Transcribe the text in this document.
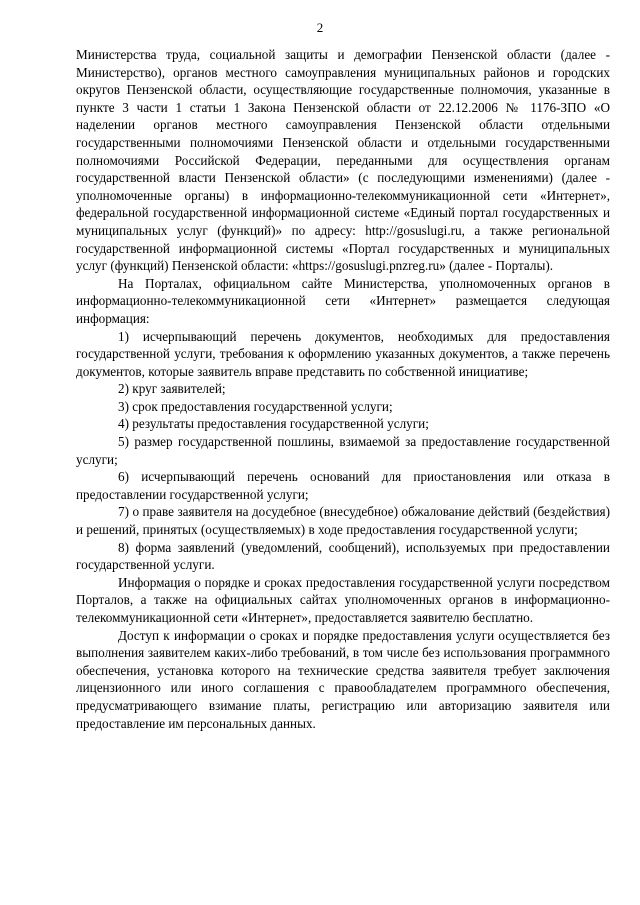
2

Министерства труда, социальной защиты и демографии Пензенской области (далее - Министерство), органов местного самоуправления муниципальных районов и городских округов Пензенской области, осуществляющие государственные полномочия, указанные в пункте 3 части 1 статьи 1 Закона Пензенской области от 22.12.2006 № 1176-ЗПО «О наделении органов местного самоуправления Пензенской области отдельными государственными полномочиями Пензенской области и отдельными государственными полномочиями Российской Федерации, переданными для осуществления органам государственной власти Пензенской области» (с последующими изменениями) (далее - уполномоченные органы) в информационно-телекоммуникационной сети «Интернет», федеральной государственной информационной системе «Единый портал государственных и муниципальных услуг (функций)» по адресу: http://gosuslugi.ru, а также региональной государственной информационной системы «Портал государственных и муниципальных услуг (функций) Пензенской области: «https://gosuslugi.pnzreg.ru» (далее - Порталы).

На Порталах, официальном сайте Министерства, уполномоченных органов в информационно-телекоммуникационной сети «Интернет» размещается следующая информация:

1) исчерпывающий перечень документов, необходимых для предоставления государственной услуги, требования к оформлению указанных документов, а также перечень документов, которые заявитель вправе представить по собственной инициативе;

2) круг заявителей;

3) срок предоставления государственной услуги;

4) результаты предоставления государственной услуги;

5) размер государственной пошлины, взимаемой за предоставление государственной услуги;

6) исчерпывающий перечень оснований для приостановления или отказа в предоставлении государственной услуги;

7) о праве заявителя на досудебное (внесудебное) обжалование действий (бездействия) и решений, принятых (осуществляемых) в ходе предоставления государственной услуги;

8) форма заявлений (уведомлений, сообщений), используемых при предоставлении государственной услуги.

Информация о порядке и сроках предоставления государственной услуги посредством Порталов, а также на официальных сайтах уполномоченных органов в информационно-телекоммуникационной сети «Интернет», предоставляется заявителю бесплатно.

Доступ к информации о сроках и порядке предоставления услуги осуществляется без выполнения заявителем каких-либо требований, в том числе без использования программного обеспечения, установка которого на технические средства заявителя требует заключения лицензионного или иного соглашения с правообладателем программного обеспечения, предусматривающего взимание платы, регистрацию или авторизацию заявителя или предоставление им персональных данных.
